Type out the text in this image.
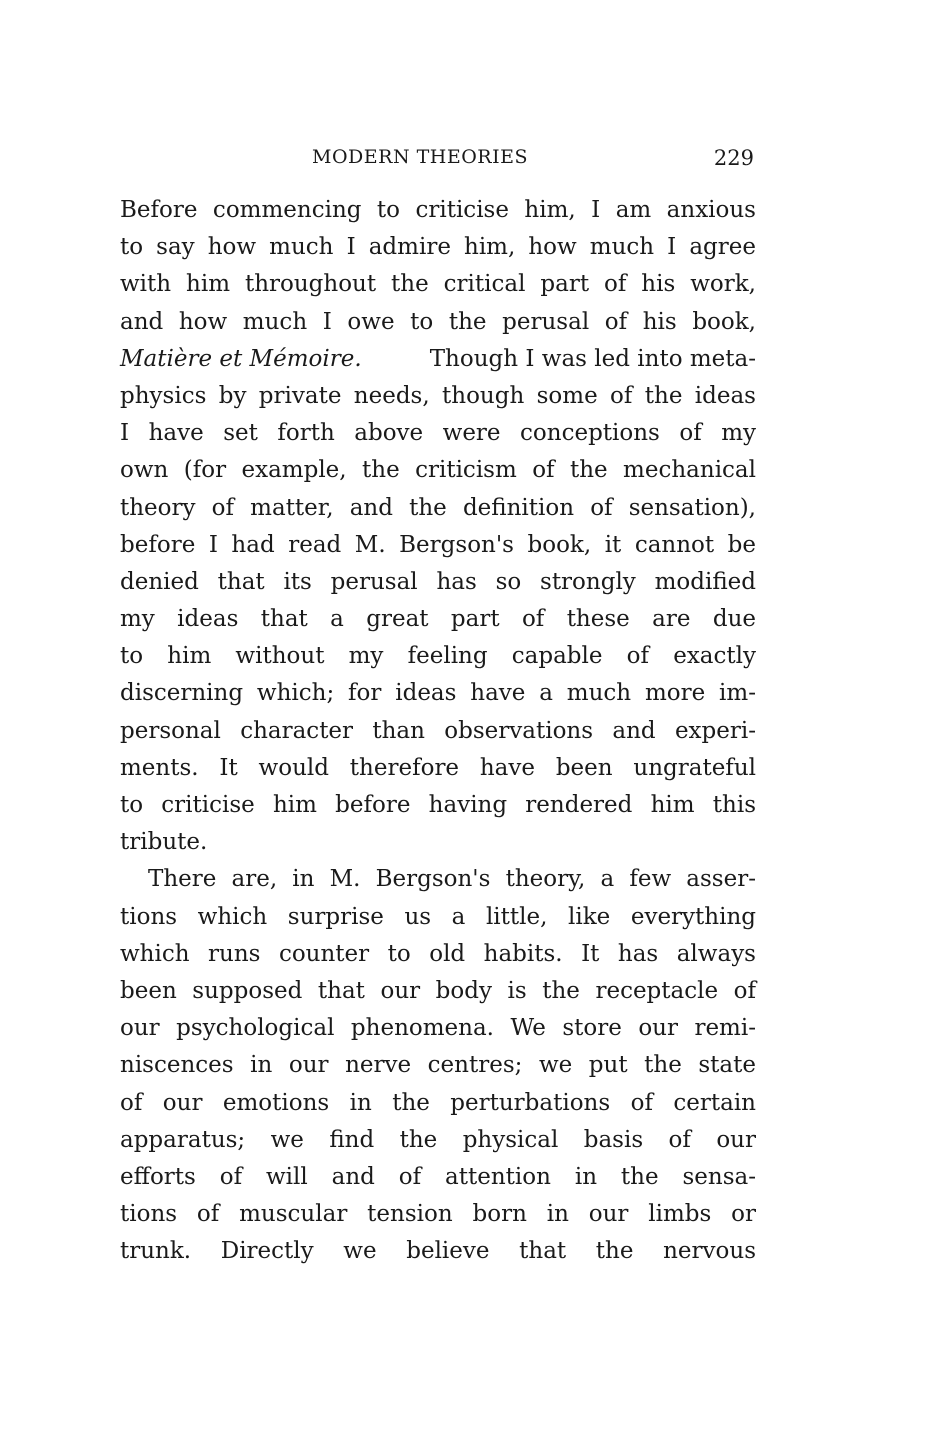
MODERN THEORIES	229
Before commencing to criticise him, I am anxious
to say how much I admire him, how much I agree
with him throughout the critical part of his work,
and how much I owe to the perusal of his book,
Matière et Mémoire.	Though I was led into meta-
physics by private needs, though some of the ideas
I have set forth above were conceptions of my
own (for example, the criticism of the mechanical
theory of matter, and the definition of sensation),
before I had read M. Bergson's book, it cannot be
denied that its perusal has so strongly modified
my ideas that a great part of these are due
to him without my feeling capable of exactly
discerning which; for ideas have a much more im-
personal character than observations and experi-
ments. It would therefore have been ungrateful
to criticise him before having rendered him this
tribute.
There are, in M. Bergson's theory, a few asser-
tions which surprise us a little, like everything
which runs counter to old habits. It has always
been supposed that our body is the receptacle of
our psychological phenomena. We store our remi-
niscences in our nerve centres; we put the state
of our emotions in the perturbations of certain
apparatus; we find the physical basis of our
efforts of will and of attention in the sensa-
tions of muscular tension born in our limbs or
trunk. Directly we believe that the nervous
